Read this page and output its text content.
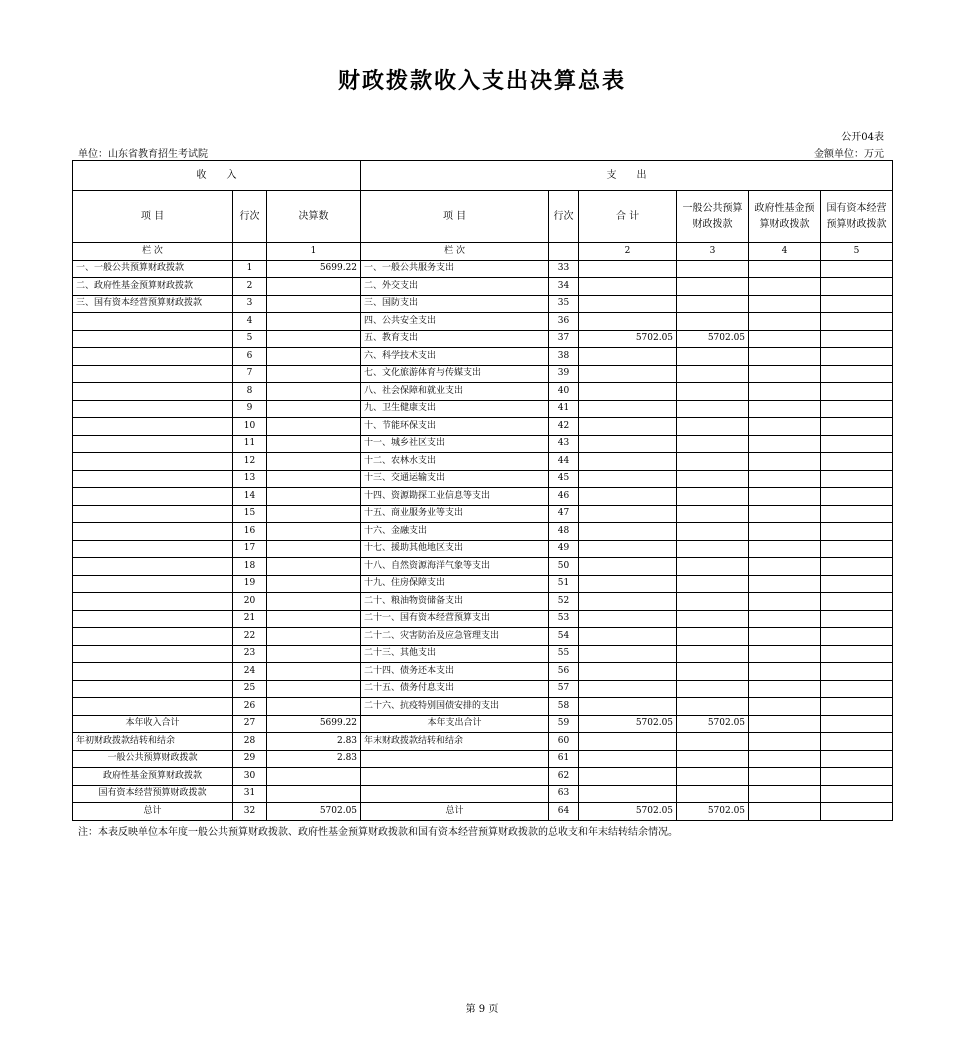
财政拨款收入支出决算总表
公开04表
单位：山东省教育招生考试院	金额单位：万元
收　　入			支　　出					
项 目	行次	决算数	项 目	行次	合 计	一般公共预算财政拨款	政府性基金预算财政拨款	国有资本经营预算财政拨款
栏 次		1	栏 次		2	3	4	5
一、一般公共预算财政拨款	1	5699.22	一、一般公共服务支出	33				
二、政府性基金预算财政拨款	2		二、外交支出	34				
三、国有资本经营预算财政拨款	3		三、国防支出	35				
	4		四、公共安全支出	36				
	5		五、教育支出	37	5702.05	5702.05		
	6		六、科学技术支出	38				
	7		七、文化旅游体育与传媒支出	39				
	8		八、社会保障和就业支出	40				
	9		九、卫生健康支出	41				
	10		十、节能环保支出	42				
	11		十一、城乡社区支出	43				
	12		十二、农林水支出	44				
	13		十三、交通运输支出	45				
	14		十四、资源勘探工业信息等支出	46				
	15		十五、商业服务业等支出	47				
	16		十六、金融支出	48				
	17		十七、援助其他地区支出	49				
	18		十八、自然资源海洋气象等支出	50				
	19		十九、住房保障支出	51				
	20		二十、粮油物资储备支出	52				
	21		二十一、国有资本经营预算支出	53				
	22		二十二、灾害防治及应急管理支出	54				
	23		二十三、其他支出	55				
	24		二十四、债务还本支出	56				
	25		二十五、债务付息支出	57				
	26		二十六、抗疫特别国债安排的支出	58				
本年收入合计	27	5699.22	本年支出合计	59	5702.05	5702.05		
年初财政拨款结转和结余	28	2.83	年末财政拨款结转和结余	60				
一般公共预算财政拨款	29	2.83		61				
政府性基金预算财政拨款	30			62				
国有资本经营预算财政拨款	31			63				
总计	32	5702.05	总计	64	5702.05	5702.05		
注：本表反映单位本年度一般公共预算财政拨款、政府性基金预算财政拨款和国有资本经营预算财政拨款的总收支和年末结转结余情况。
第 9 页
